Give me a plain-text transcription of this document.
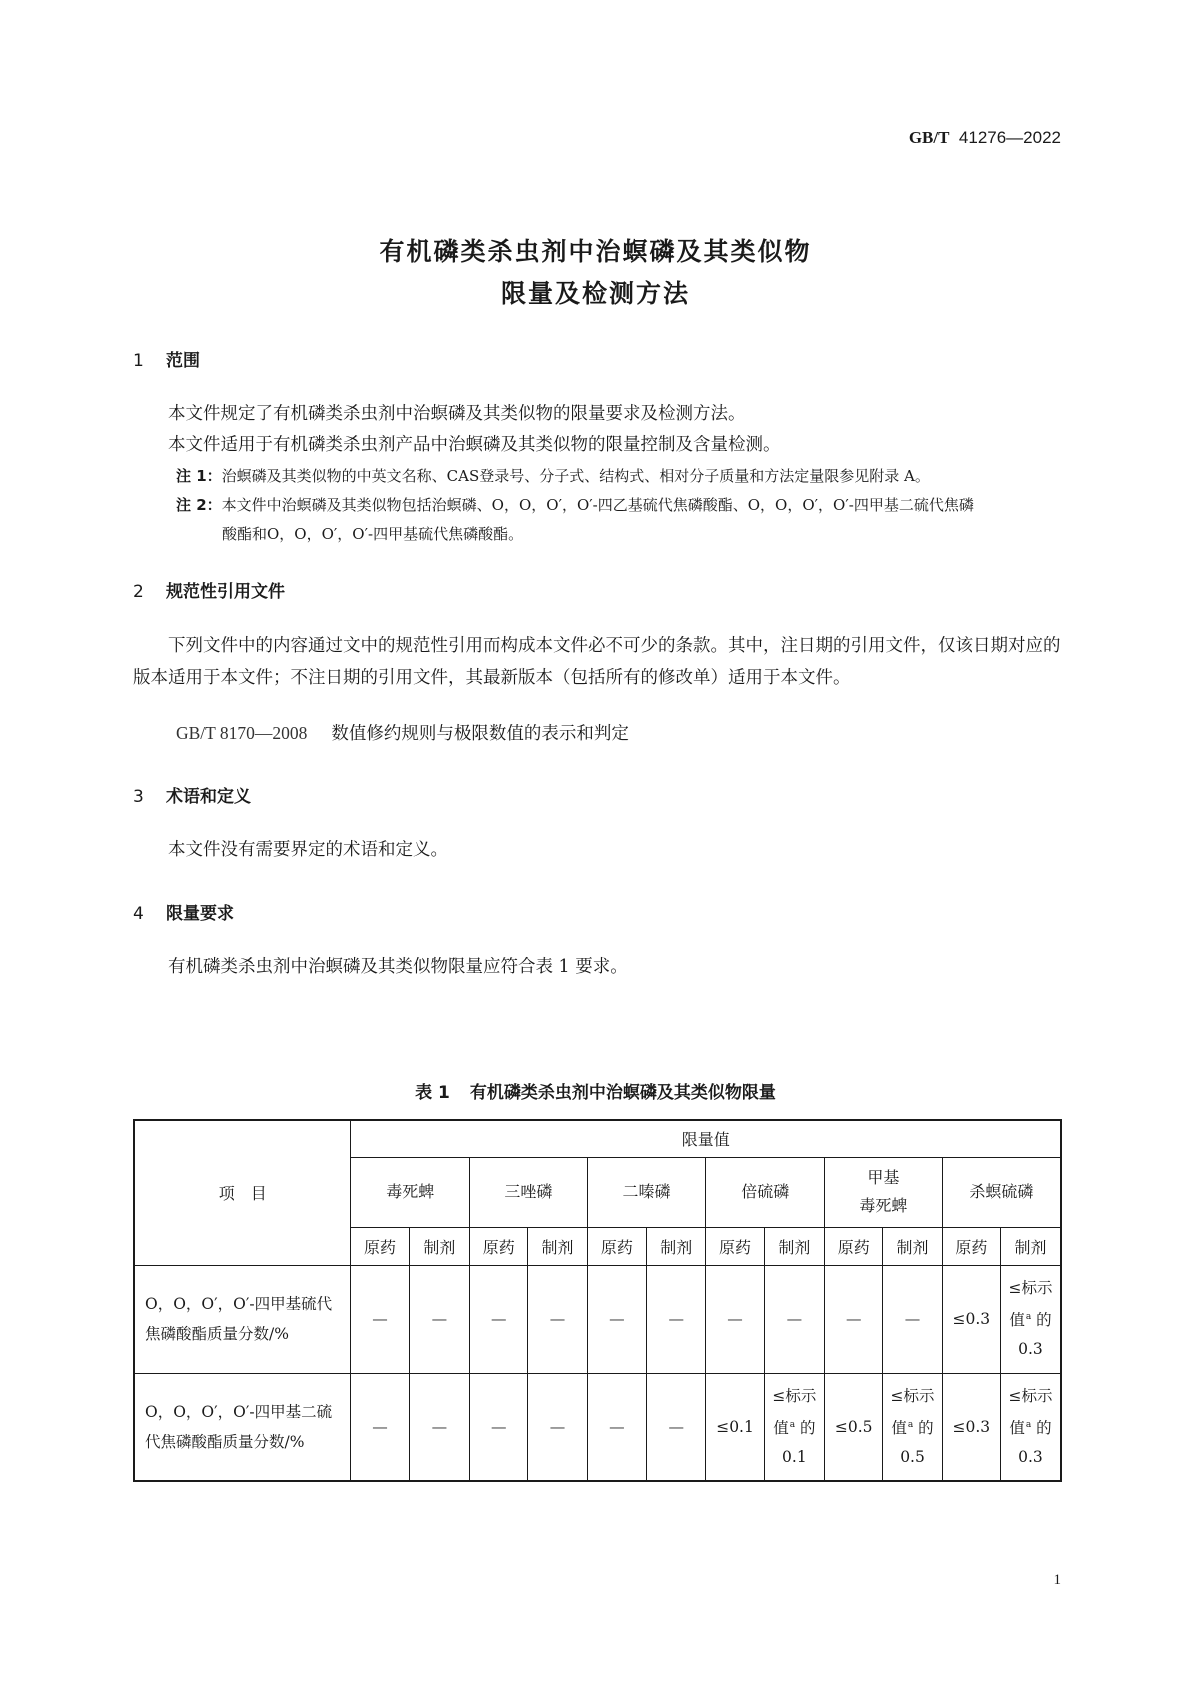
GB/T 41276—2022
有机磷类杀虫剂中治螟磷及其类似物
限量及检测方法
1 范围
本文件规定了有机磷类杀虫剂中治螟磷及其类似物的限量要求及检测方法。
本文件适用于有机磷类杀虫剂产品中治螟磷及其类似物的限量控制及含量检测。
注 1：治螟磷及其类似物的中英文名称、CAS登录号、分子式、结构式、相对分子质量和方法定量限参见附录 A。
注 2：本文件中治螟磷及其类似物包括治螟磷、O，O，O′，O′-四乙基硫代焦磷酸酯、O，O，O′，O′-四甲基二硫代焦磷

酸酯和O，O，O′，O′-四甲基硫代焦磷酸酯。
2 规范性引用文件
下列文件中的内容通过文中的规范性引用而构成本文件必不可少的条款。其中，注日期的引用文件，仅该日期对应的版本适用于本文件；不注日期的引用文件，其最新版本（包括所有的修改单）适用于本文件。
GB/T 8170—2008 数值修约规则与极限数值的表示和判定
3 术语和定义
本文件没有需要界定的术语和定义。
4 限量要求
有机磷类杀虫剂中治螟磷及其类似物限量应符合表 1 要求。
表 1 有机磷类杀虫剂中治螟磷及其类似物限量
项　目	限量值											
	毒死蜱		三唑磷		二嗪磷		倍硫磷		甲基
毒死蜱		杀螟硫磷	
	原药	制剂	原药	制剂	原药	制剂	原药	制剂	原药	制剂	原药	制剂
O，O，O′，O′-四甲基硫代焦磷酸酯质量分数/%	—	—	—	—	—	—	—	—	—	—	≤0.3	≤标示
值$^a$ 的
0.3
O，O，O′，O′-四甲基二硫代焦磷酸酯质量分数/%	—	—	—	—	—	—	≤0.1	≤标示
值$^a$ 的
0.1	≤0.5	≤标示
值$^a$ 的
0.5	≤0.3	≤标示
值$^a$ 的
0.3
1
